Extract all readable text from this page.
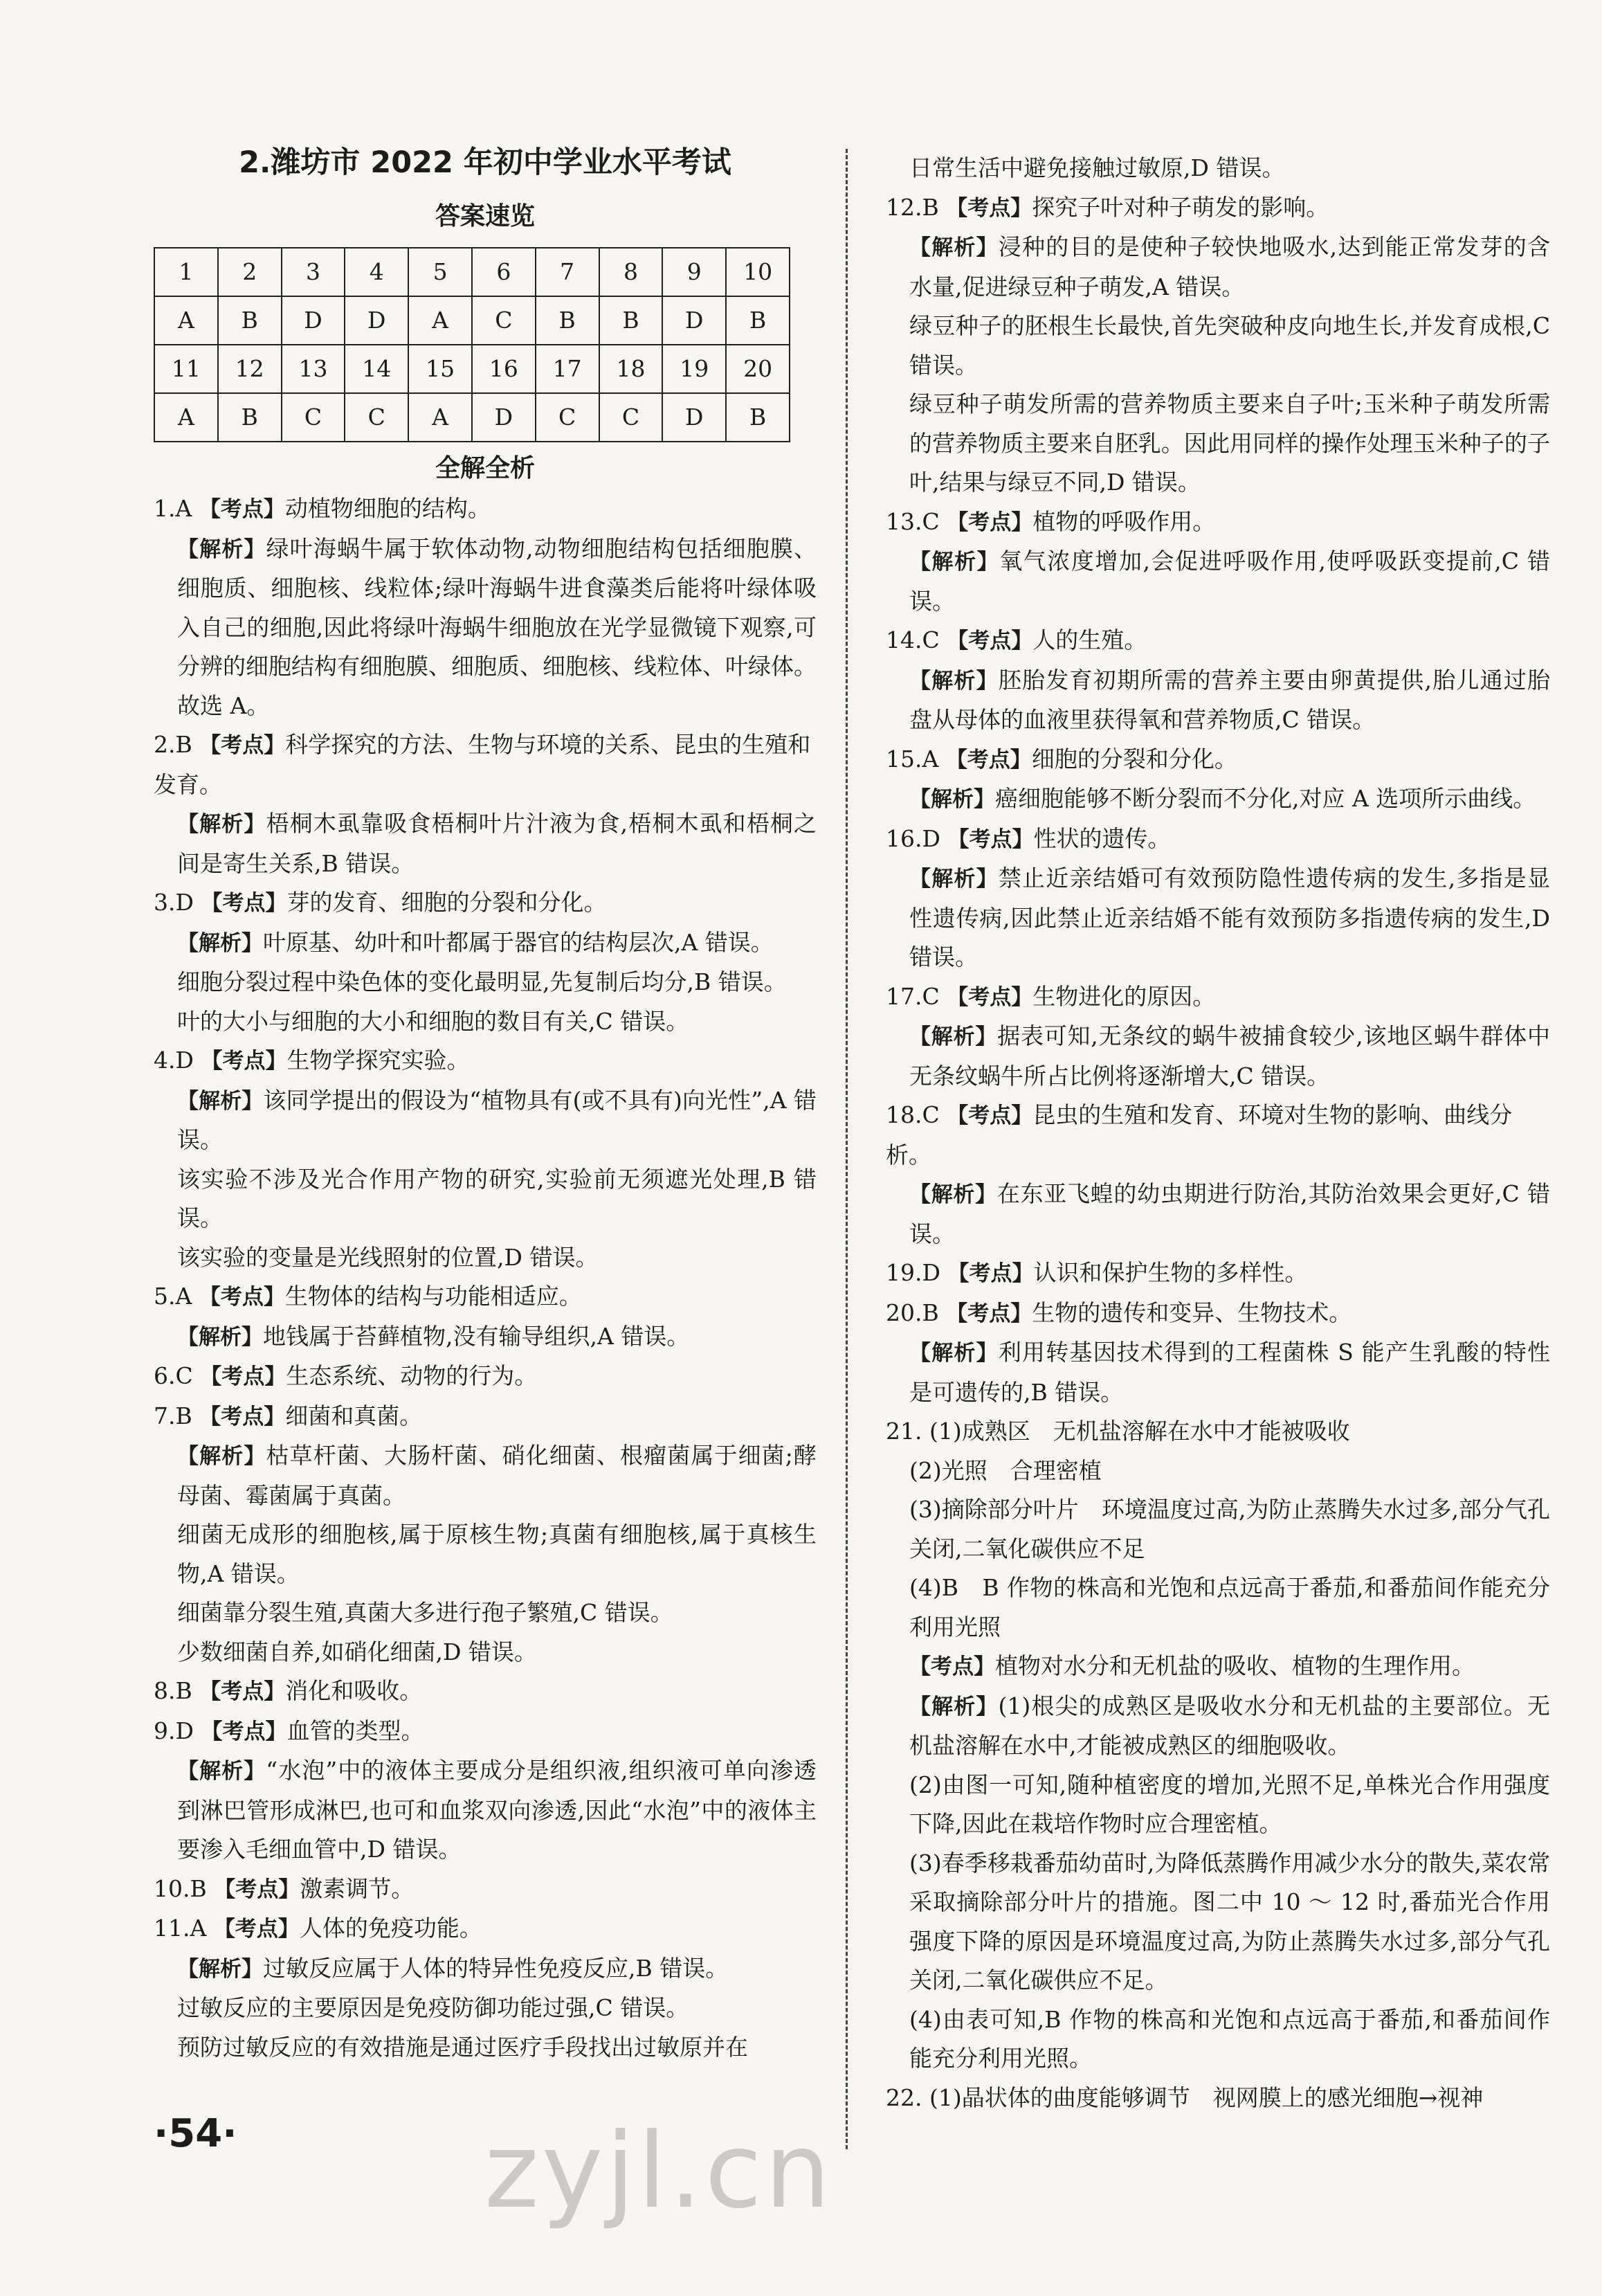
2.潍坊市 2022 年初中学业水平考试
答案速览
1	2	3	4	5	6	7	8	9	10
A	B	D	D	A	C	B	B	D	B
11	12	13	14	15	16	17	18	19	20
A	B	C	C	A	D	C	C	D	B
全解全析
1.A 【考点】动植物细胞的结构。
【解析】绿叶海蜗牛属于软体动物,动物细胞结构包括细胞膜、细胞质、细胞核、线粒体;绿叶海蜗牛进食藻类后能将叶绿体吸入自己的细胞,因此将绿叶海蜗牛细胞放在光学显微镜下观察,可分辨的细胞结构有细胞膜、细胞质、细胞核、线粒体、叶绿体。故选 A。
2.B 【考点】科学探究的方法、生物与环境的关系、昆虫的生殖和发育。
【解析】梧桐木虱靠吸食梧桐叶片汁液为食,梧桐木虱和梧桐之间是寄生关系,B 错误。
3.D 【考点】芽的发育、细胞的分裂和分化。
【解析】叶原基、幼叶和叶都属于器官的结构层次,A 错误。
细胞分裂过程中染色体的变化最明显,先复制后均分,B 错误。
叶的大小与细胞的大小和细胞的数目有关,C 错误。
4.D 【考点】生物学探究实验。
【解析】该同学提出的假设为“植物具有(或不具有)向光性”,A 错误。
该实验不涉及光合作用产物的研究,实验前无须遮光处理,B 错误。
该实验的变量是光线照射的位置,D 错误。
5.A 【考点】生物体的结构与功能相适应。
【解析】地钱属于苔藓植物,没有输导组织,A 错误。
6.C 【考点】生态系统、动物的行为。
7.B 【考点】细菌和真菌。
【解析】枯草杆菌、大肠杆菌、硝化细菌、根瘤菌属于细菌;酵母菌、霉菌属于真菌。
细菌无成形的细胞核,属于原核生物;真菌有细胞核,属于真核生物,A 错误。
细菌靠分裂生殖,真菌大多进行孢子繁殖,C 错误。
少数细菌自养,如硝化细菌,D 错误。
8.B 【考点】消化和吸收。
9.D 【考点】血管的类型。
【解析】“水泡”中的液体主要成分是组织液,组织液可单向渗透到淋巴管形成淋巴,也可和血浆双向渗透,因此“水泡”中的液体主要渗入毛细血管中,D 错误。
10.B 【考点】激素调节。
11.A 【考点】人体的免疫功能。
【解析】过敏反应属于人体的特异性免疫反应,B 错误。
过敏反应的主要原因是免疫防御功能过强,C 错误。
预防过敏反应的有效措施是通过医疗手段找出过敏原并在
日常生活中避免接触过敏原,D 错误。
12.B 【考点】探究子叶对种子萌发的影响。
【解析】浸种的目的是使种子较快地吸水,达到能正常发芽的含水量,促进绿豆种子萌发,A 错误。
绿豆种子的胚根生长最快,首先突破种皮向地生长,并发育成根,C 错误。
绿豆种子萌发所需的营养物质主要来自子叶;玉米种子萌发所需的营养物质主要来自胚乳。因此用同样的操作处理玉米种子的子叶,结果与绿豆不同,D 错误。
13.C 【考点】植物的呼吸作用。
【解析】氧气浓度增加,会促进呼吸作用,使呼吸跃变提前,C 错误。
14.C 【考点】人的生殖。
【解析】胚胎发育初期所需的营养主要由卵黄提供,胎儿通过胎盘从母体的血液里获得氧和营养物质,C 错误。
15.A 【考点】细胞的分裂和分化。
【解析】癌细胞能够不断分裂而不分化,对应 A 选项所示曲线。
16.D 【考点】性状的遗传。
【解析】禁止近亲结婚可有效预防隐性遗传病的发生,多指是显性遗传病,因此禁止近亲结婚不能有效预防多指遗传病的发生,D 错误。
17.C 【考点】生物进化的原因。
【解析】据表可知,无条纹的蜗牛被捕食较少,该地区蜗牛群体中无条纹蜗牛所占比例将逐渐增大,C 错误。
18.C 【考点】昆虫的生殖和发育、环境对生物的影响、曲线分析。
【解析】在东亚飞蝗的幼虫期进行防治,其防治效果会更好,C 错误。
19.D 【考点】认识和保护生物的多样性。
20.B 【考点】生物的遗传和变异、生物技术。
【解析】利用转基因技术得到的工程菌株 S 能产生乳酸的特性是可遗传的,B 错误。
21. (1)成熟区　无机盐溶解在水中才能被吸收
(2)光照　合理密植
(3)摘除部分叶片　环境温度过高,为防止蒸腾失水过多,部分气孔关闭,二氧化碳供应不足
(4)B　B 作物的株高和光饱和点远高于番茄,和番茄间作能充分利用光照
【考点】植物对水分和无机盐的吸收、植物的生理作用。
【解析】(1)根尖的成熟区是吸收水分和无机盐的主要部位。无机盐溶解在水中,才能被成熟区的细胞吸收。
(2)由图一可知,随种植密度的增加,光照不足,单株光合作用强度下降,因此在栽培作物时应合理密植。
(3)春季移栽番茄幼苗时,为降低蒸腾作用减少水分的散失,菜农常采取摘除部分叶片的措施。图二中 10 ～ 12 时,番茄光合作用强度下降的原因是环境温度过高,为防止蒸腾失水过多,部分气孔关闭,二氧化碳供应不足。
(4)由表可知,B 作物的株高和光饱和点远高于番茄,和番茄间作能充分利用光照。
22. (1)晶状体的曲度能够调节　视网膜上的感光细胞→视神
·54· zyjl.cn
